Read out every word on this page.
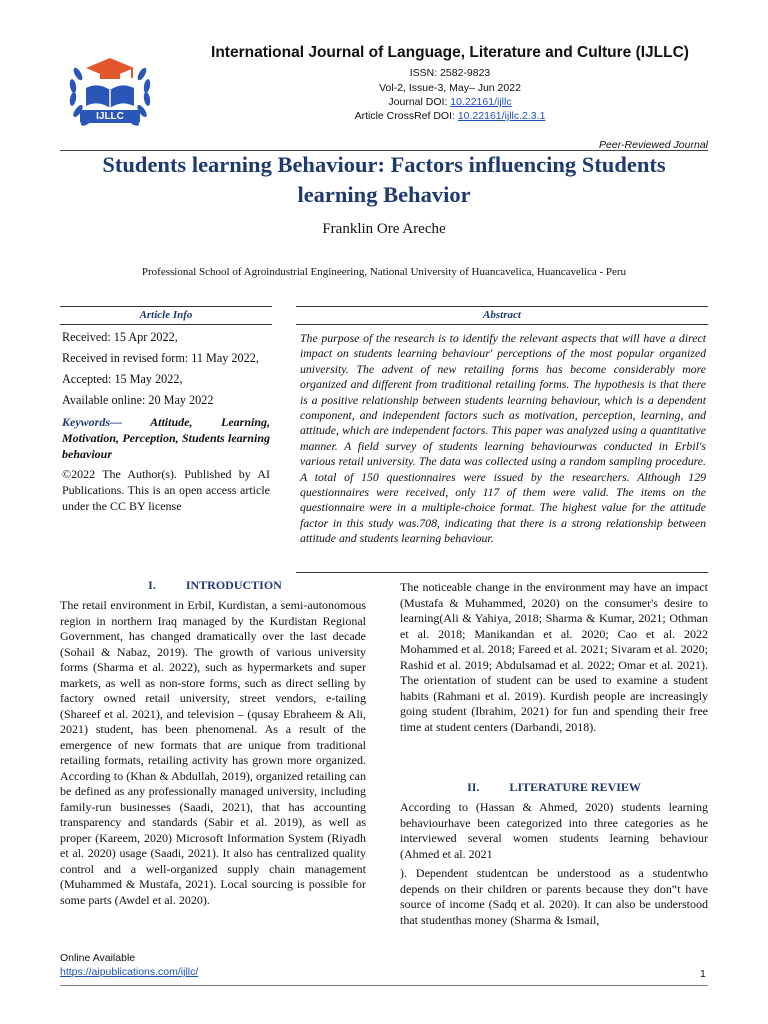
IJLLC
International Journal of Language, Literature and Culture (IJLLC)
ISSN: 2582-9823
Vol-2, Issue-3, May– Jun 2022
Journal DOI: 10.22161/ijllc
Article CrossRef DOI: 10.22161/ijllc.2.3.1
Peer-Reviewed Journal
Students learning Behaviour: Factors influencing Students learning Behavior
Franklin Ore Areche
Professional School of Agroindustrial Engineering, National University of Huancavelica, Huancavelica - Peru
Article Info
Received: 15 Apr 2022,
Received in revised form: 11 May 2022,
Accepted: 15 May 2022,
Available online: 20 May 2022
Keywords— Attitude, Learning, Motivation, Perception, Students learning behaviour
©2022 The Author(s). Published by AI Publications. This is an open access article under the CC BY license
Abstract
The purpose of the research is to identify the relevant aspects that will have a direct impact on students learning behaviour' perceptions of the most popular organized university. The advent of new retailing forms has become considerably more organized and different from traditional retailing forms. The hypothesis is that there is a positive relationship between students learning behaviour, which is a dependent component, and independent factors such as motivation, perception, learning, and attitude, which are independent factors. This paper was analyzed using a quantitative manner. A field survey of students learning behaviourwas conducted in Erbil's various retail university. The data was collected using a random sampling procedure. A total of 150 questionnaires were issued by the researchers. Although 129 questionnaires were received, only 117 of them were valid. The items on the questionnaire were in a multiple-choice format. The highest value for the attitude factor in this study was.708, indicating that there is a strong relationship between attitude and students learning behaviour.
I.          INTRODUCTION
The retail environment in Erbil, Kurdistan, a semi-autonomous region in northern Iraq managed by the Kurdistan Regional Government, has changed dramatically over the last decade (Sohail & Nabaz, 2019). The growth of various university forms (Sharma et al. 2022), such as hypermarkets and super markets, as well as non-store forms, such as direct selling by factory owned retail university, street vendors, e-tailing (Shareef et al. 2021), and television – (qusay Ebraheem & Ali, 2021) student, has been phenomenal. As a result of the emergence of new formats that are unique from traditional retailing formats, retailing activity has grown more organized. According to (Khan & Abdullah, 2019), organized retailing can be defined as any professionally managed university, including family-run businesses (Saadi, 2021), that has accounting transparency and standards (Sabir et al. 2019), as well as proper (Kareem, 2020) Microsoft Information System (Riyadh et al. 2020) usage (Saadi, 2021). It also has centralized quality control and a well-organized supply chain management (Muhammed & Mustafa, 2021). Local sourcing is possible for some parts (Awdel et al. 2020).
The noticeable change in the environment may have an impact (Mustafa & Muhammed, 2020) on the consumer's desire to learning(Ali & Yahiya, 2018; Sharma & Kumar, 2021; Othman et al. 2018; Manikandan et al. 2020; Cao et al. 2022 Mohammed et al. 2018; Fareed et al. 2021; Sivaram et al. 2020; Rashid et al. 2019; Abdulsamad et al. 2022; Omar et al. 2021). The orientation of student can be used to examine a student habits (Rahmani et al. 2019). Kurdish people are increasingly going student (Ibrahim, 2021) for fun and spending their free time at student centers (Darbandi, 2018).
II.          LITERATURE REVIEW
According to (Hassan & Ahmed, 2020) students learning behaviourhave been categorized into three categories as he interviewed several women students learning behaviour (Ahmed et al. 2021
). Dependent studentcan be understood as a studentwho depends on their children or parents because they don‟t have source of income (Sadq et al. 2020). It can also be understood that studenthas money (Sharma & Ismail,
Online Available
https://aipublications.com/ijllc/	1
